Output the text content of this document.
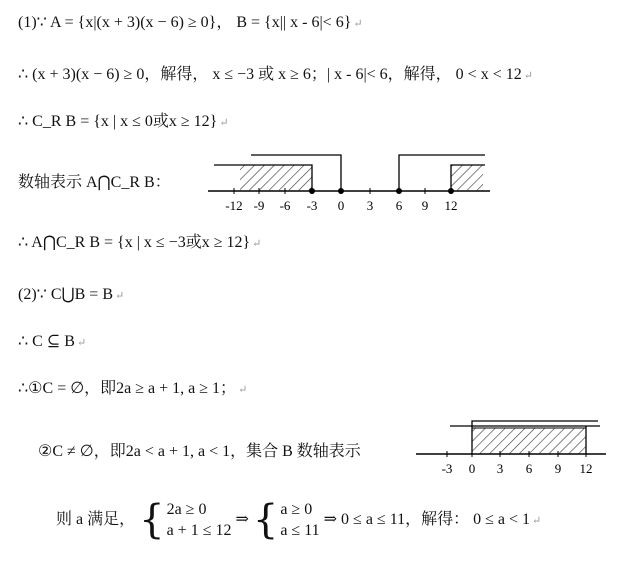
(1)∵ A = {x|(x + 3)(x − 6) ≥ 0}， B = {x|| x - 6|< 6} ↵
∴ (x + 3)(x − 6) ≥ 0，解得， x ≤ −3 或 x ≥ 6；| x - 6|< 6，解得， 0 < x < 12 ↵
∴ C_R B = {x | x ≤ 0或x ≥ 12} ↵
数轴表示 A⋂C_R B：
-12 -9 -6 -3 0 3 6 9 12
∴ A⋂C_R B = {x | x ≤ −3或x ≥ 12} ↵
(2)∵ C⋃B = B ↵
∴ C ⊆ B ↵
∴①C = ∅，即2a ≥ a + 1, a ≥ 1； ↵
②C ≠ ∅，即2a < a + 1, a < 1，集合 B 数轴表示
-3 0 3 6 9 12
则 a 满足， { 2a ≥ 0
a + 1 ≤ 12
⇒ { a ≥ 0
a ≤ 11
⇒ 0 ≤ a ≤ 11，解得： 0 ≤ a < 1 ↵
